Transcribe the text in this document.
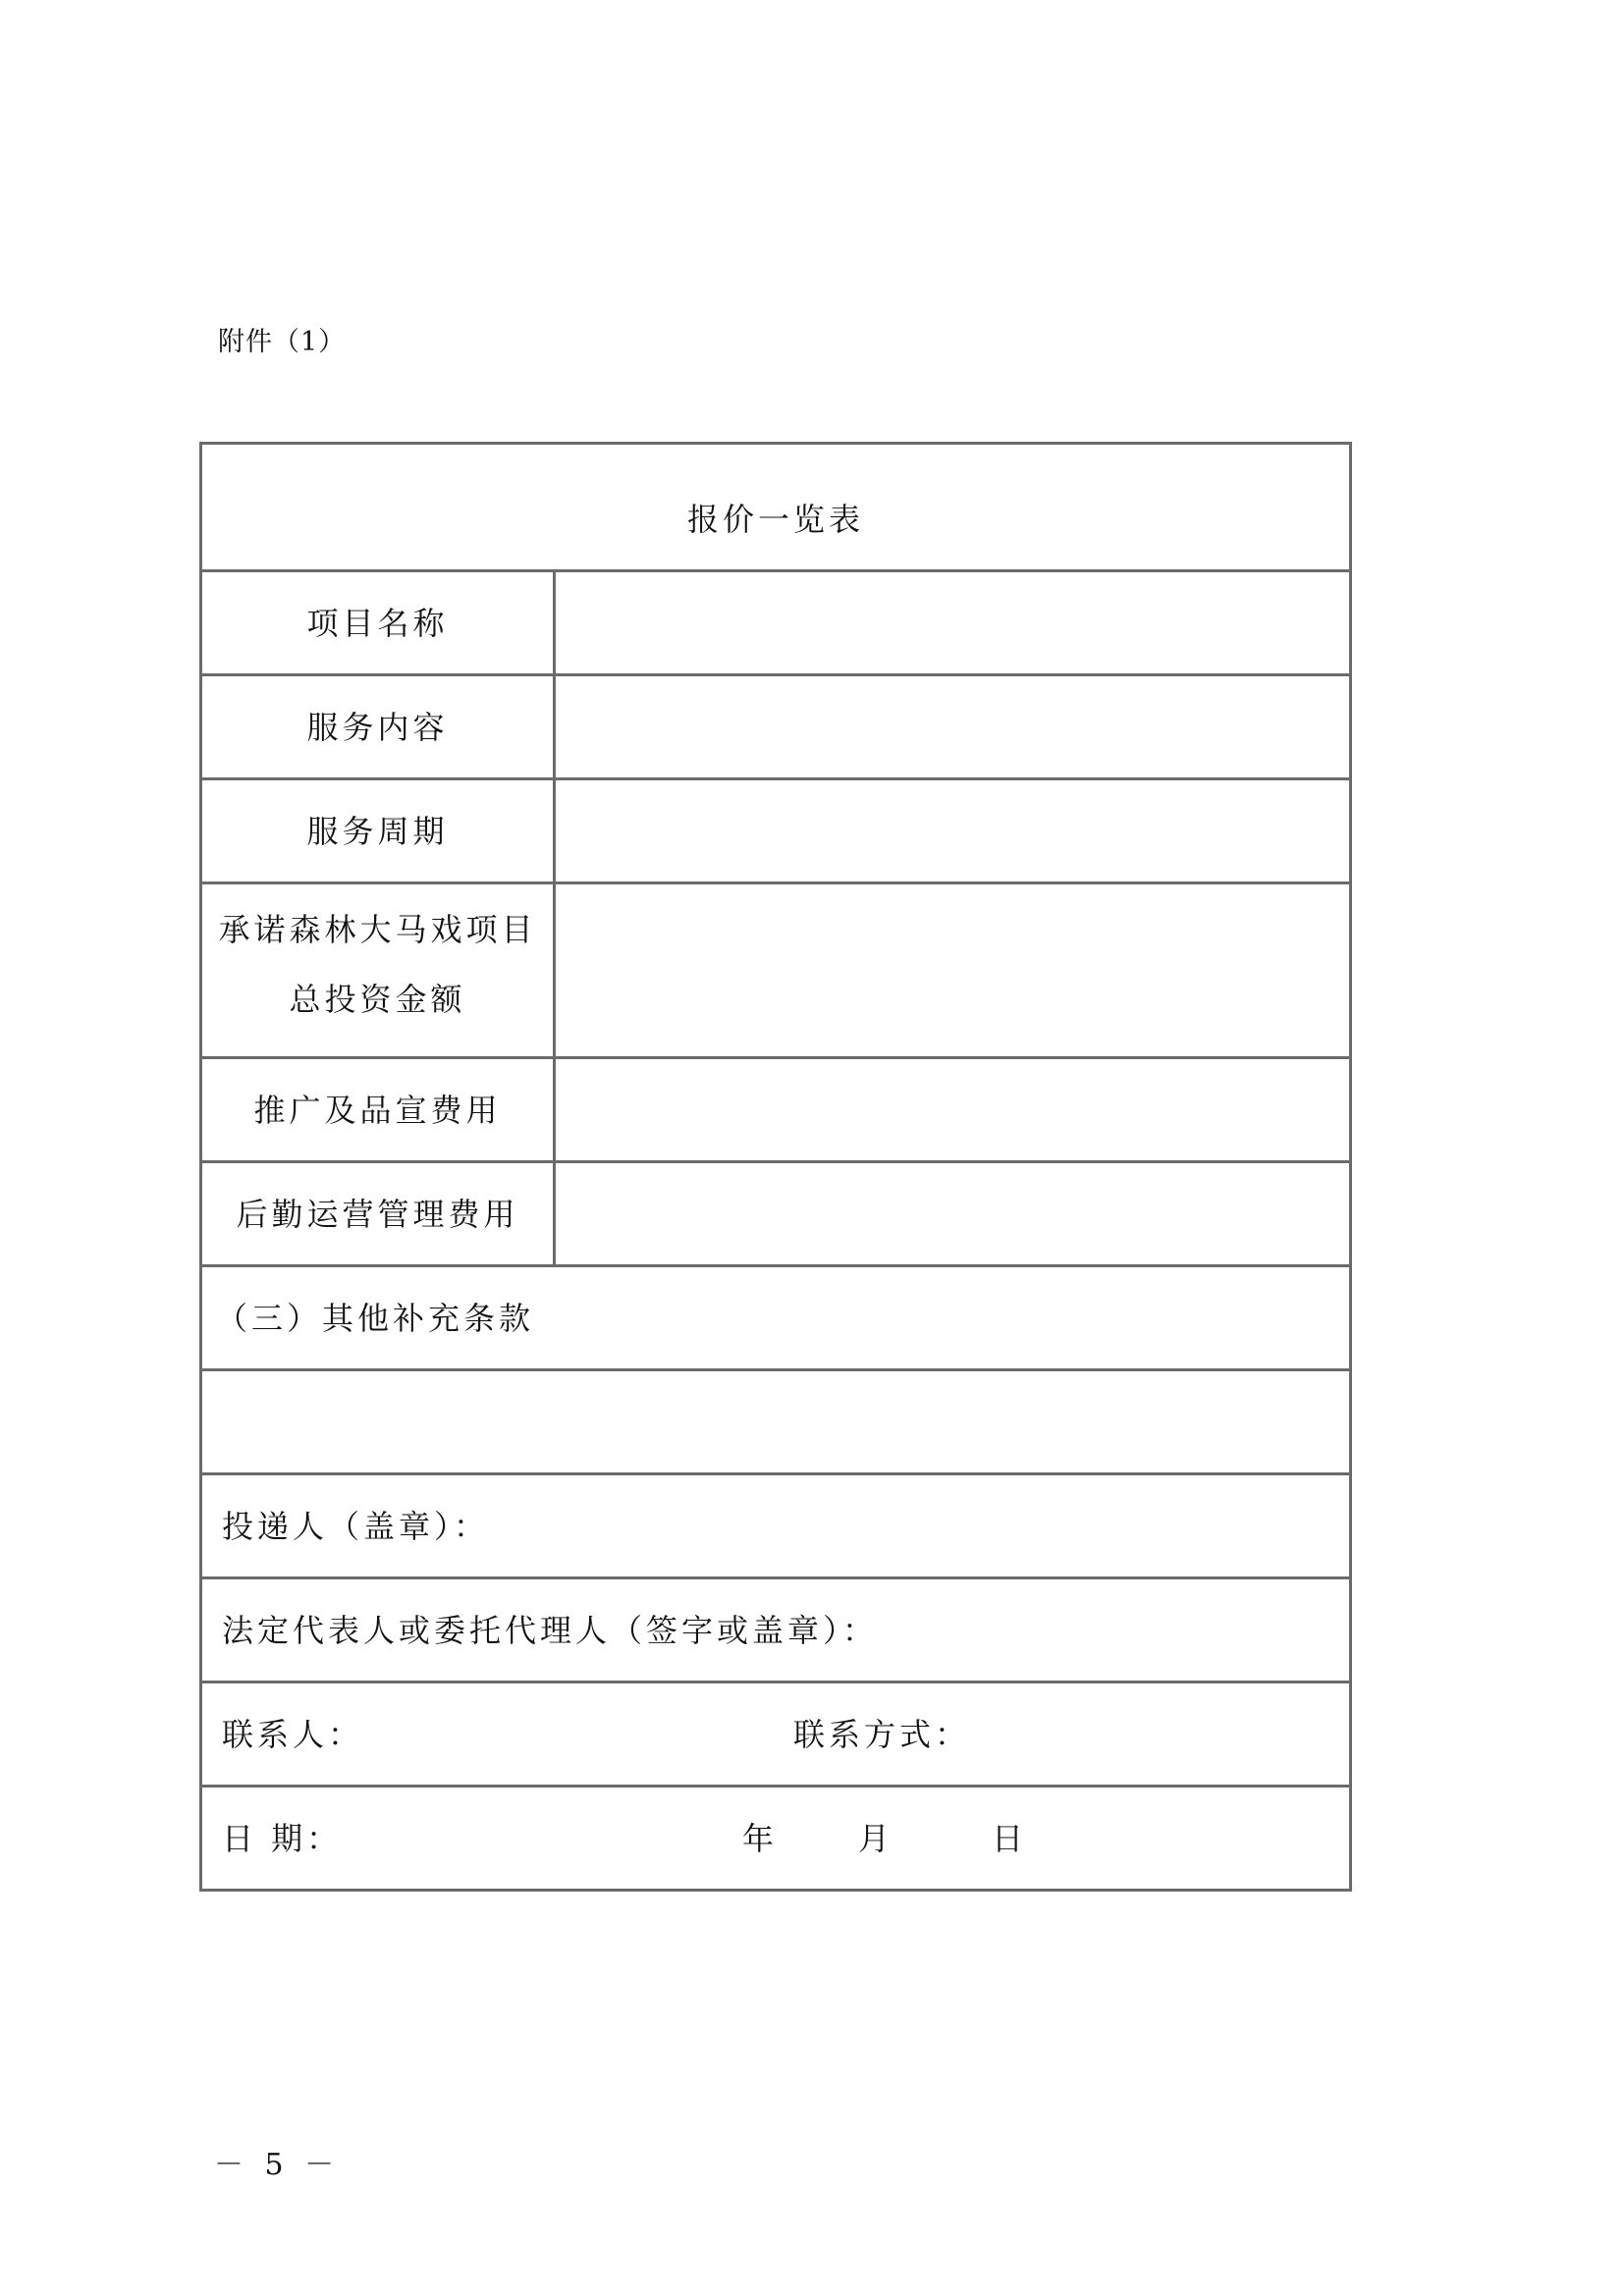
附件（1）
报价一览表
项目名称
服务内容
服务周期
承诺森林大马戏项目
总投资金额
推广及品宣费用
后勤运营管理费用
（三）其他补充条款
投递人（盖章）：
法定代表人或委托代理人（签字或盖章）：
联系人：	联系方式：
日 期：	年	月	日
－ 5 －
